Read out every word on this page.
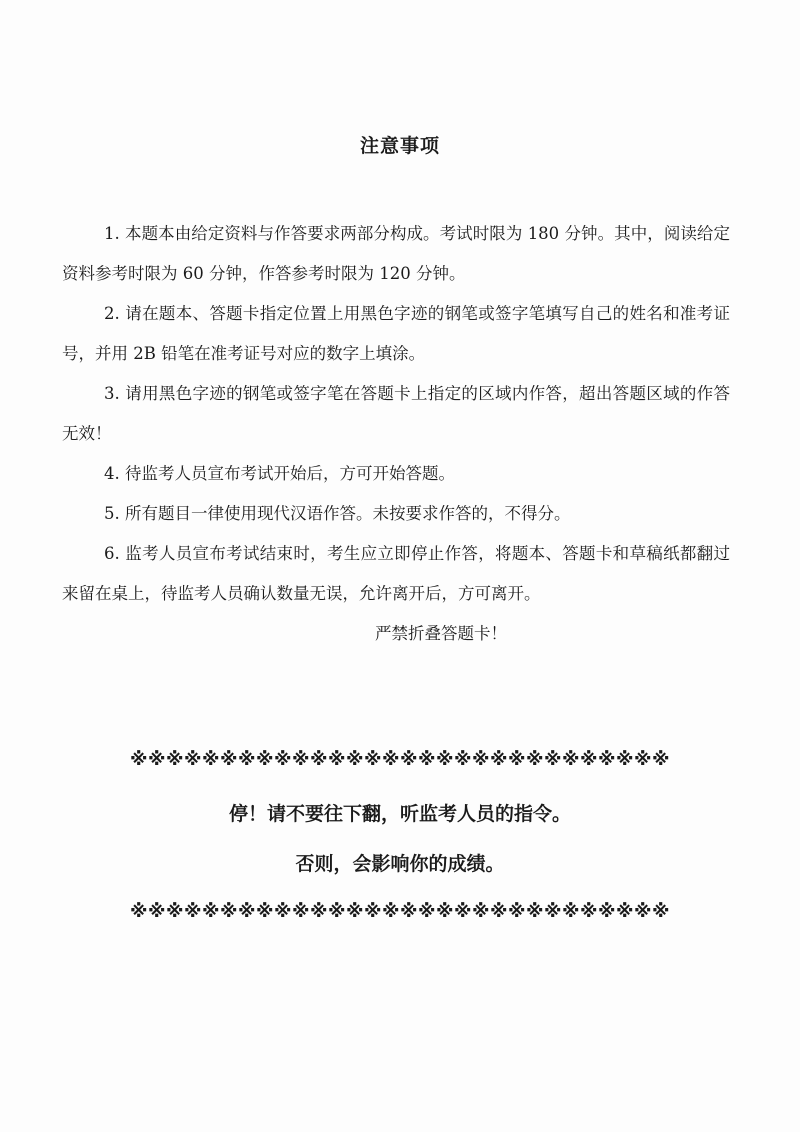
注意事项

1. 本题本由给定资料与作答要求两部分构成。考试时限为 180 分钟。其中，阅读给定资料参考时限为 60 分钟，作答参考时限为 120 分钟。

2. 请在题本、答题卡指定位置上用黑色字迹的钢笔或签字笔填写自己的姓名和准考证号，并用 2B 铅笔在准考证号对应的数字上填涂。

3. 请用黑色字迹的钢笔或签字笔在答题卡上指定的区域内作答，超出答题区域的作答无效！

4. 待监考人员宣布考试开始后，方可开始答题。

5. 所有题目一律使用现代汉语作答。未按要求作答的，不得分。

6. 监考人员宣布考试结束时，考生应立即停止作答，将题本、答题卡和草稿纸都翻过来留在桌上，待监考人员确认数量无误，允许离开后，方可离开。

严禁折叠答题卡！

※※※※※※※※※※※※※※※※※※※※※※※※※※※※※※
停！请不要往下翻，听监考人员的指令。
否则，会影响你的成绩。
※※※※※※※※※※※※※※※※※※※※※※※※※※※※※※
